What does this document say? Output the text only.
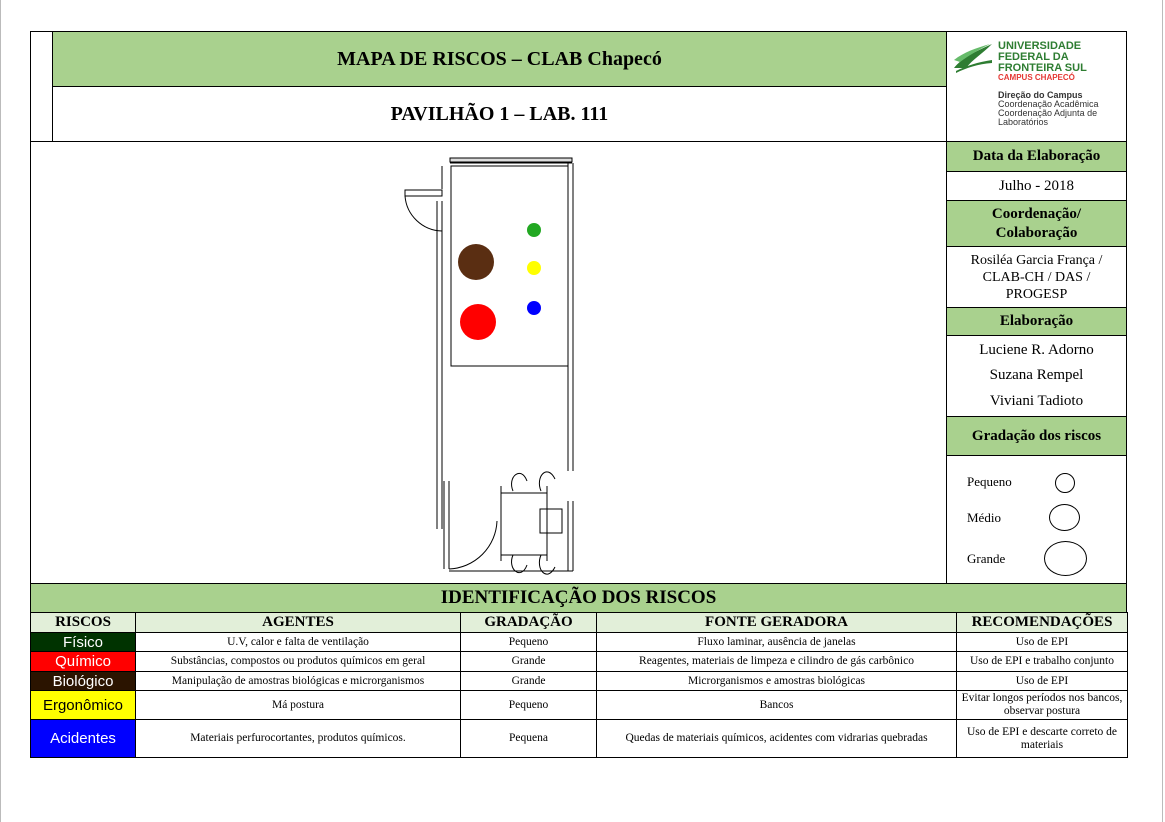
MAPA DE RISCOS – CLAB Chapecó
PAVILHÃO 1 – LAB. 111
UNIVERSIDADE
FEDERAL DA
FRONTEIRA SUL
CAMPUS CHAPECÓ
Direção do Campus
Coordenação Acadêmica
Coordenação Adjunta de
Laboratórios
Data da Elaboração
Julho - 2018
Coordenação/
Colaboração
Rosiléa Garcia França /
CLAB-CH / DAS /
PROGESP
Elaboração
Luciene R. Adorno
Suzana Rempel
Viviani Tadioto
Gradação dos riscos
Pequeno
Médio
Grande
IDENTIFICAÇÃO DOS RISCOS
RISCOS	AGENTES	GRADAÇÃO	FONTE GERADORA	RECOMENDAÇÕES
Físico	U.V, calor e falta de ventilação	Pequeno	Fluxo laminar, ausência de janelas	Uso de EPI
Químico	Substâncias, compostos ou produtos químicos em geral	Grande	Reagentes, materiais de limpeza e cilindro de gás carbônico	Uso de EPI e trabalho conjunto
Biológico	Manipulação de amostras biológicas e microrganismos	Grande	Microrganismos e amostras biológicas	Uso de EPI
Ergonômico	Má postura	Pequeno	Bancos	Evitar longos períodos nos bancos, observar postura
Acidentes	Materiais perfurocortantes, produtos químicos.	Pequena	Quedas de materiais químicos, acidentes com vidrarias quebradas	Uso de EPI e descarte correto de materiais
